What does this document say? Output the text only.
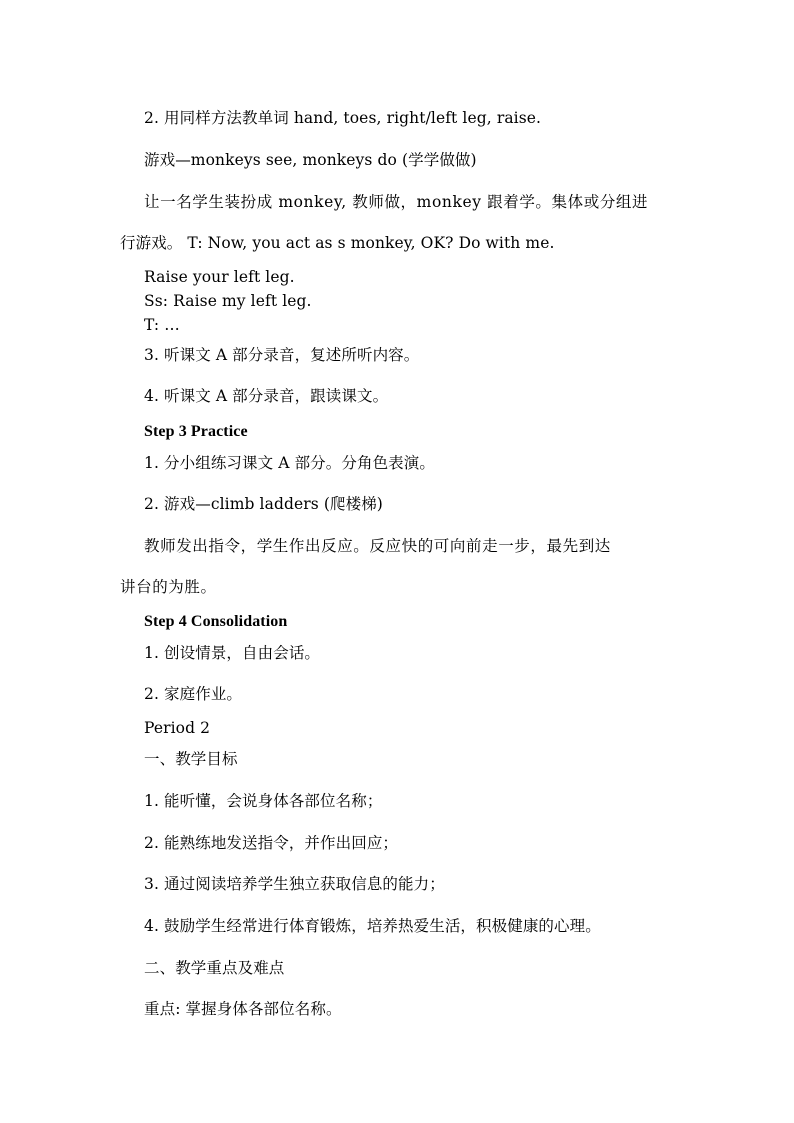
2. 用同样方法教单词 hand, toes, right/left leg, raise.
游戏—monkeys see, monkeys do (学学做做)
让一名学生装扮成 monkey, 教师做，monkey 跟着学。集体或分组进
行游戏。 T: Now, you act as s monkey, OK? Do with me.
Raise your left leg.
Ss: Raise my left leg.
T: …
3. 听课文 A 部分录音，复述所听内容。
4. 听课文 A 部分录音，跟读课文。
Step 3 Practice
1. 分小组练习课文 A 部分。分角色表演。
2. 游戏—climb ladders (爬楼梯)
教师发出指令，学生作出反应。反应快的可向前走一步，最先到达
讲台的为胜。
Step 4 Consolidation
1. 创设情景，自由会话。
2. 家庭作业。
Period 2
一、教学目标
1. 能听懂，会说身体各部位名称；
2. 能熟练地发送指令，并作出回应；
3. 通过阅读培养学生独立获取信息的能力；
4. 鼓励学生经常进行体育锻炼，培养热爱生活，积极健康的心理。
二、教学重点及难点
重点: 掌握身体各部位名称。
